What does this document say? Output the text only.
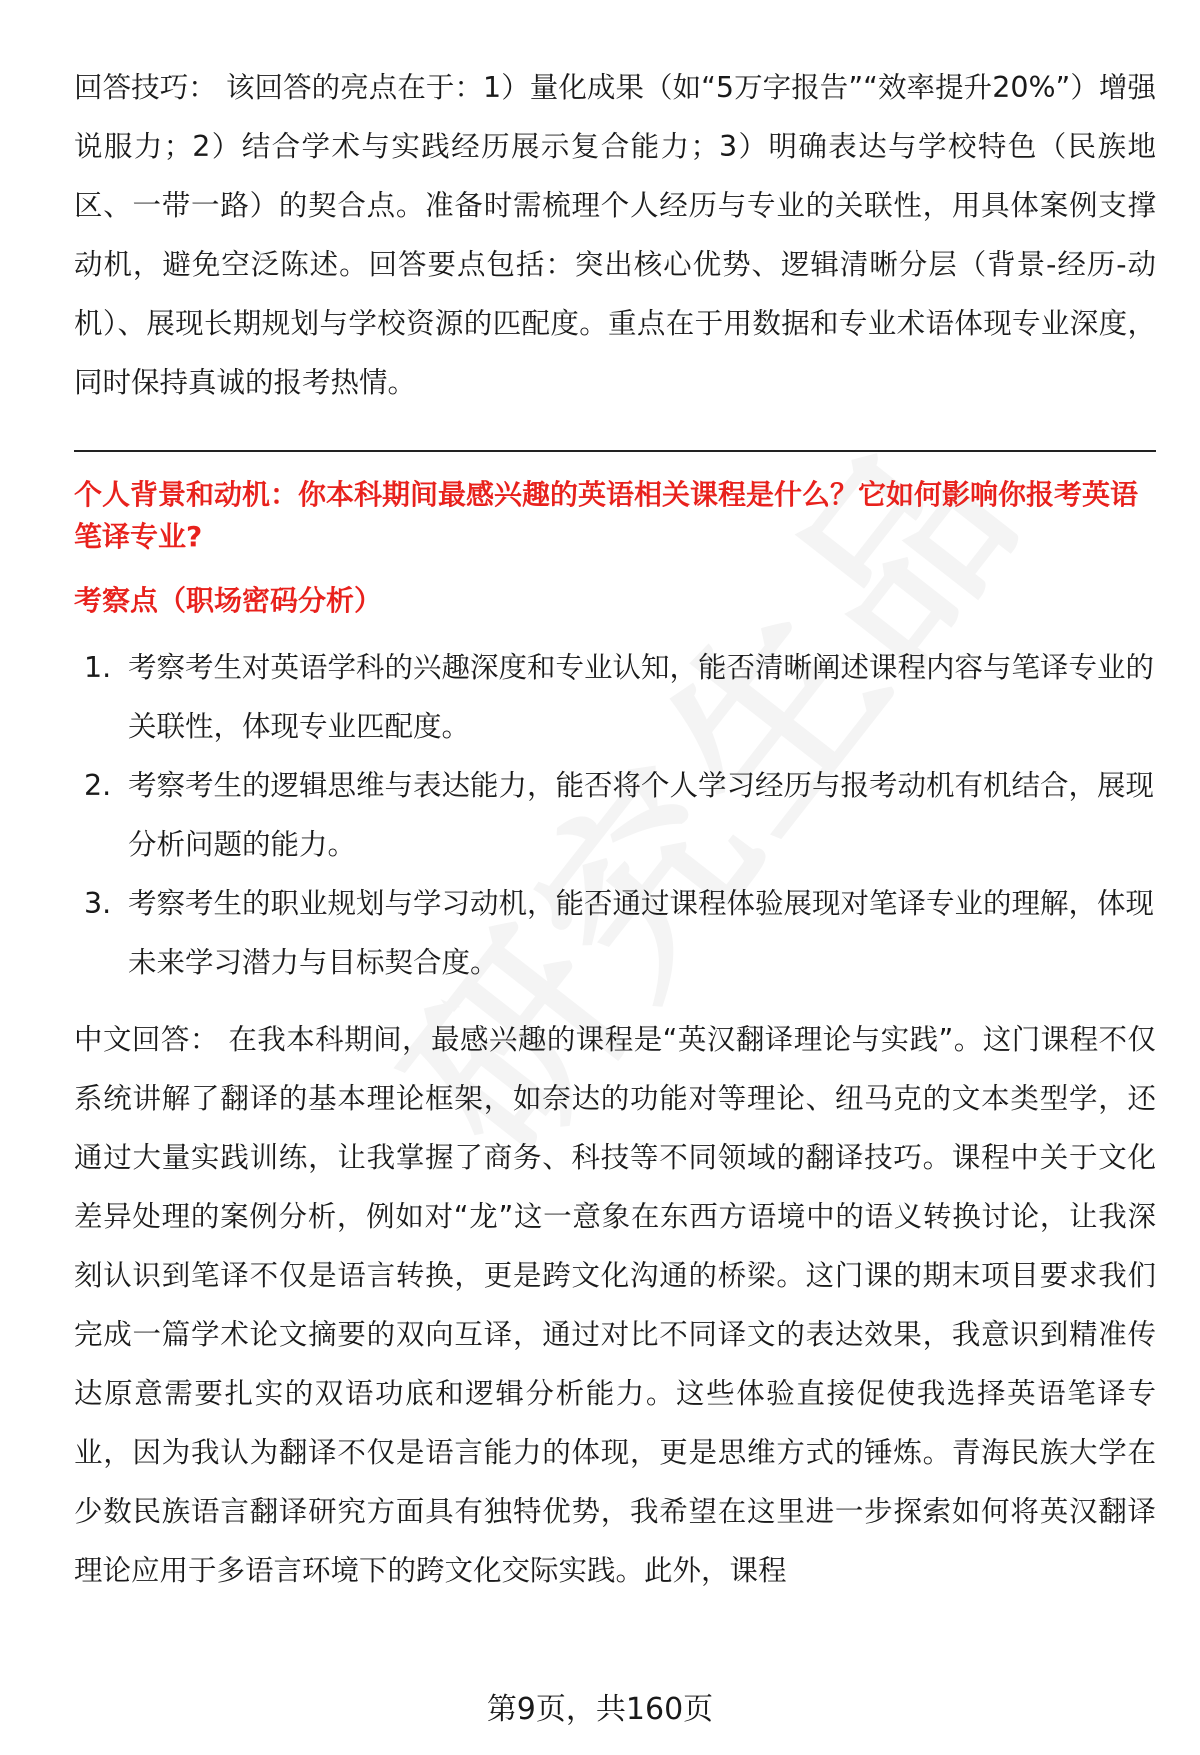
回答技巧： 该回答的亮点在于：1）量化成果（如“5万字报告”“效率提升20%”）增强说服力；2）结合学术与实践经历展示复合能力；3）明确表达与学校特色（民族地区、一带一路）的契合点。准备时需梳理个人经历与专业的关联性，用具体案例支撑动机，避免空泛陈述。回答要点包括：突出核心优势、逻辑清晰分层（背景-经历-动机）、展现长期规划与学校资源的匹配度。重点在于用数据和专业术语体现专业深度，同时保持真诚的报考热情。

个人背景和动机：你本科期间最感兴趣的英语相关课程是什么？它如何影响你报考英语笔译专业?

考察点（职场密码分析）

1. 考察考生对英语学科的兴趣深度和专业认知，能否清晰阐述课程内容与笔译专业的关联性，体现专业匹配度。
2. 考察考生的逻辑思维与表达能力，能否将个人学习经历与报考动机有机结合，展现分析问题的能力。
3. 考察考生的职业规划与学习动机，能否通过课程体验展现对笔译专业的理解，体现未来学习潜力与目标契合度。

中文回答： 在我本科期间，最感兴趣的课程是“英汉翻译理论与实践”。这门课程不仅系统讲解了翻译的基本理论框架，如奈达的功能对等理论、纽马克的文本类型学，还通过大量实践训练，让我掌握了商务、科技等不同领域的翻译技巧。课程中关于文化差异处理的案例分析，例如对“龙”这一意象在东西方语境中的语义转换讨论，让我深刻认识到笔译不仅是语言转换，更是跨文化沟通的桥梁。这门课的期末项目要求我们完成一篇学术论文摘要的双向互译，通过对比不同译文的表达效果，我意识到精准传达原意需要扎实的双语功底和逻辑分析能力。这些体验直接促使我选择英语笔译专业，因为我认为翻译不仅是语言能力的体现，更是思维方式的锤炼。青海民族大学在少数民族语言翻译研究方面具有独特优势，我希望在这里进一步探索如何将英汉翻译理论应用于多语言环境下的跨文化交际实践。此外，课程

第9页，共160页
